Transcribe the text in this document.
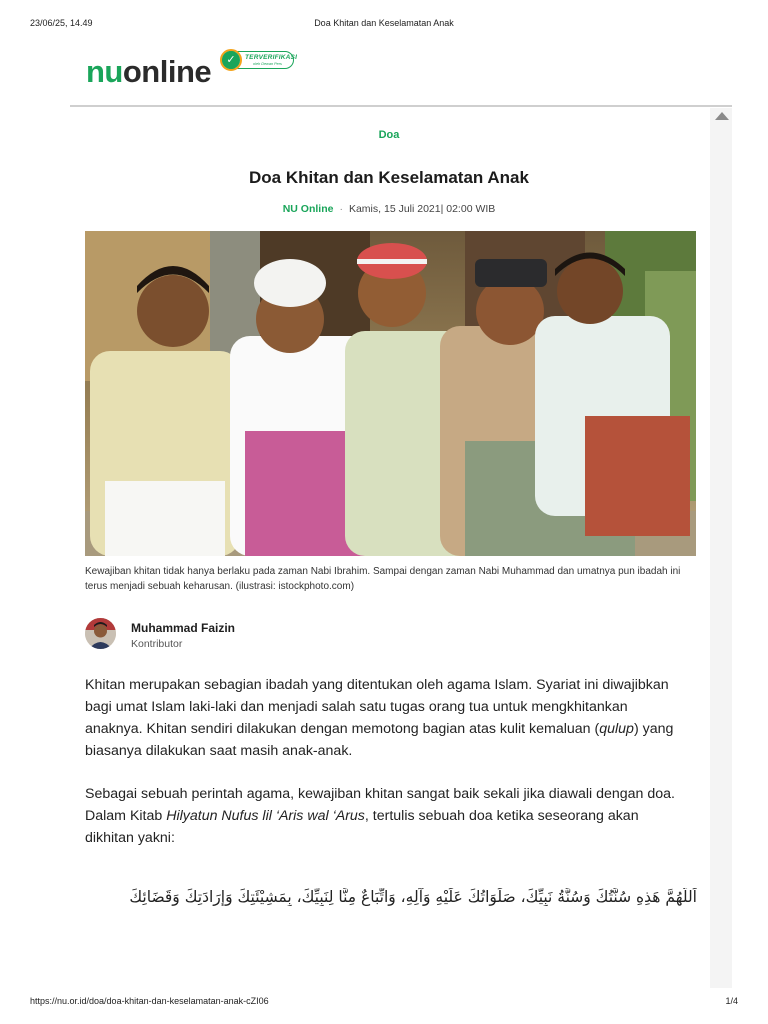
23/06/25, 14.49	Doa Khitan dan Keselamatan Anak
nuonline	✓	TERVERIFIKASI
oleh Dewan Pers
Doa
Doa Khitan dan Keselamatan Anak
NU Online · Kamis, 15 Juli 2021| 02:00 WIB
Kewajiban khitan tidak hanya berlaku pada zaman Nabi Ibrahim. Sampai dengan zaman Nabi Muhammad dan umatnya pun ibadah ini terus menjadi sebuah keharusan. (ilustrasi: istockphoto.com)
Muhammad Faizin
Kontributor

Khitan merupakan sebagian ibadah yang ditentukan oleh agama Islam. Syariat ini diwajibkan bagi umat Islam laki-laki dan menjadi salah satu tugas orang tua untuk mengkhitankan anaknya. Khitan sendiri dilakukan dengan memotong bagian atas kulit kemaluan (qulup) yang biasanya dilakukan saat masih anak-anak.

Sebagai sebuah perintah agama, kewajiban khitan sangat baik sekali jika diawali dengan doa. Dalam Kitab Hilyatun Nufus lil ‘Aris wal ‘Arus, tertulis sebuah doa ketika seseorang akan dikhitan yakni:

اَللَّهُمَّ هَذِهِ سُنَّتُكَ وَسُنَّةُ نَبِيِّكَ، صَلَوَاتُكَ عَلَيْهِ وَآلِهِ، وَاتِّبَاعٌ مِنَّا لِنَبِيِّكَ، بِمَشِيْئَتِكَ وَإِرَادَتِكَ وَقَضَائِكَ
https://nu.or.id/doa/doa-khitan-dan-keselamatan-anak-cZI06	1/4
